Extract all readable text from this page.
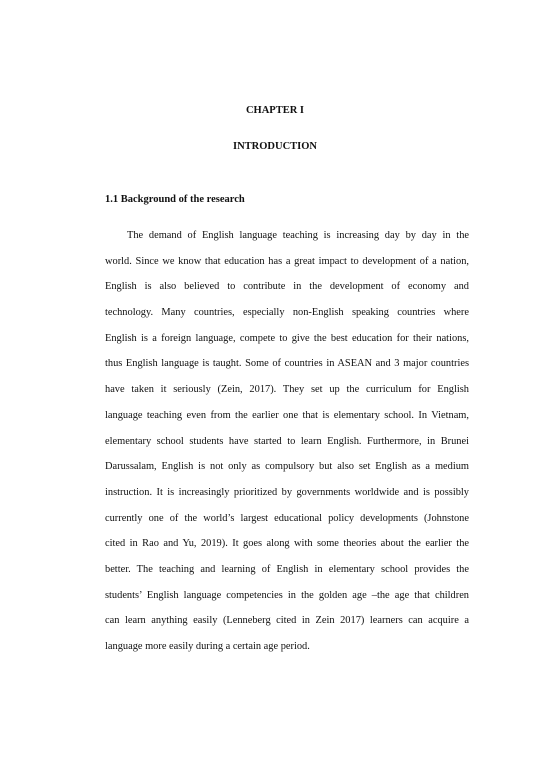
CHAPTER I
INTRODUCTION
1.1 Background of the research
The demand of English language teaching is increasing day by day in the
world. Since we know that education has a great impact to development of a nation,
English is also believed to contribute in the development of economy and
technology. Many countries, especially non-English speaking countries where
English is a foreign language, compete to give the best education for their nations,
thus English language is taught. Some of countries in ASEAN and 3 major countries
have taken it seriously (Zein, 2017). They set up the curriculum for English
language teaching even from the earlier one that is elementary school. In Vietnam,
elementary school students have started to learn English. Furthermore, in Brunei
Darussalam, English is not only as compulsory but also set English as a medium
instruction. It is increasingly prioritized by governments worldwide and is possibly
currently one of the world’s largest educational policy developments (Johnstone
cited in Rao and Yu, 2019). It goes along with some theories about the earlier the
better. The teaching and learning of English in elementary school provides the
students’ English language competencies in the golden age –the age that children
can learn anything easily (Lenneberg cited in Zein 2017) learners can acquire a
language more easily during a certain age period.
